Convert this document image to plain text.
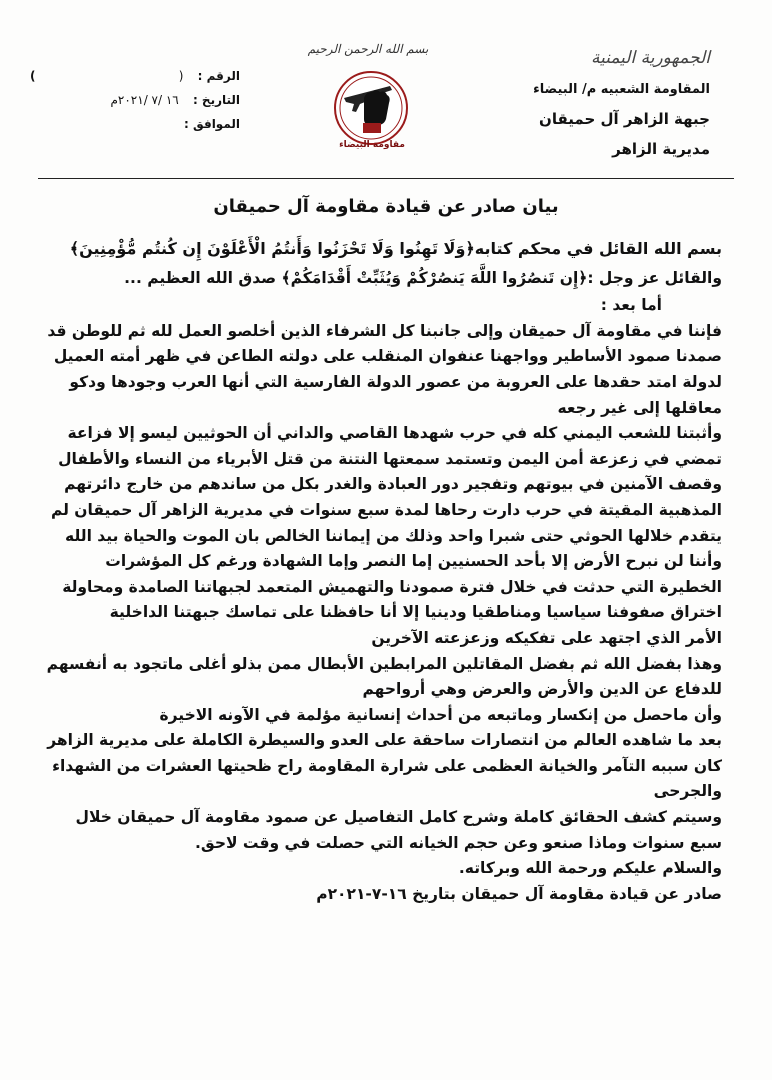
الجمهورية اليمنية
المقاومة الشعبيه م/ البيضاء
جبهة الزاهر آل حميقان
مديرية الزاهر
بسم الله الرحمن الرحيم
مقاومة البيضاء
الرقم : (
)
التاريخ : ١٦ /٧ /٢٠٢١م
الموافق :
بيان صادر عن قيادة مقاومة آل حميقان

بسم الله القائل في محكم كتابه﴿وَلَا تَهِنُوا وَلَا تَحْزَنُوا وَأَنتُمُ الْأَعْلَوْنَ إِن كُنتُم مُّؤْمِنِينَ﴾

والقائل عز وجل :﴿إِن تَنصُرُوا اللَّهَ يَنصُرْكُمْ وَيُثَبِّتْ أَقْدَامَكُمْ﴾ صدق الله العظيم ...

أما بعد :

فإننا في مقاومة آل حميقان وإلى جانبنا كل الشرفاء الذين أخلصو العمل لله ثم للوطن قد

صمدنا صمود الأساطير وواجهنا عنفوان المنقلب على دولته الطاعن في ظهر أمته العميل

لدولة امتد حقدها على العروبة من عصور الدولة الفارسية التي أنها العرب وجودها ودكو

معاقلها إلى غير رجعه

وأثبتنا للشعب اليمني كله في حرب شهدها القاصي والداني أن الحوثيين ليسو إلا فزاعة

تمضي في زعزعة أمن اليمن وتستمد سمعتها النتنة من قتل الأبرياء من النساء والأطفال

وقصف الآمنين في بيوتهم وتفجير دور العبادة والغدر بكل من ساندهم من خارج دائرتهم

المذهبية المقيتة في حرب دارت رحاها لمدة سبع سنوات في مديرية الزاهر آل حميقان لم

يتقدم خلالها الحوثي حتى شبرا واحد وذلك من إيماننا الخالص بان الموت والحياة بيد الله

وأننا لن نبرح الأرض إلا بأحد الحسنيين إما النصر وإما الشهادة ورغم كل المؤشرات

الخطيرة التي حدثت في خلال فترة صمودنا والتهميش المتعمد لجبهاتنا الصامدة ومحاولة

اختراق صفوفنا سياسيا ومناطقيا ودينيا إلا أنا حافظنا على تماسك جبهتنا الداخلية

الأمر الذي اجتهد على تفكيكه وزعزعته الآخرين

وهذا بفضل الله ثم بفضل المقاتلين المرابطين الأبطال ممن بذلو أغلى ماتجود به أنفسهم

للدفاع عن الدين والأرض والعرض وهي أرواحهم

وأن ماحصل من إنكسار وماتبعه من أحداث إنسانية مؤلمة في الآونه الاخيرة

بعد ما شاهده العالم من انتصارات ساحقة على العدو والسيطرة الكاملة على مديرية الزاهر

كان سببه التآمر والخيانة العظمى على شرارة المقاومة راح ظحيتها العشرات من الشهداء

والجرحى

وسيتم كشف الحقائق كاملة وشرح كامل التفاصيل عن صمود مقاومة آل حميقان خلال

سبع سنوات وماذا صنعو وعن حجم الخيانه التي حصلت في وقت لاحق.

والسلام عليكم ورحمة الله وبركاته.

صادر عن قيادة مقاومة آل حميقان بتاريخ ١٦-٧-٢٠٢١م
